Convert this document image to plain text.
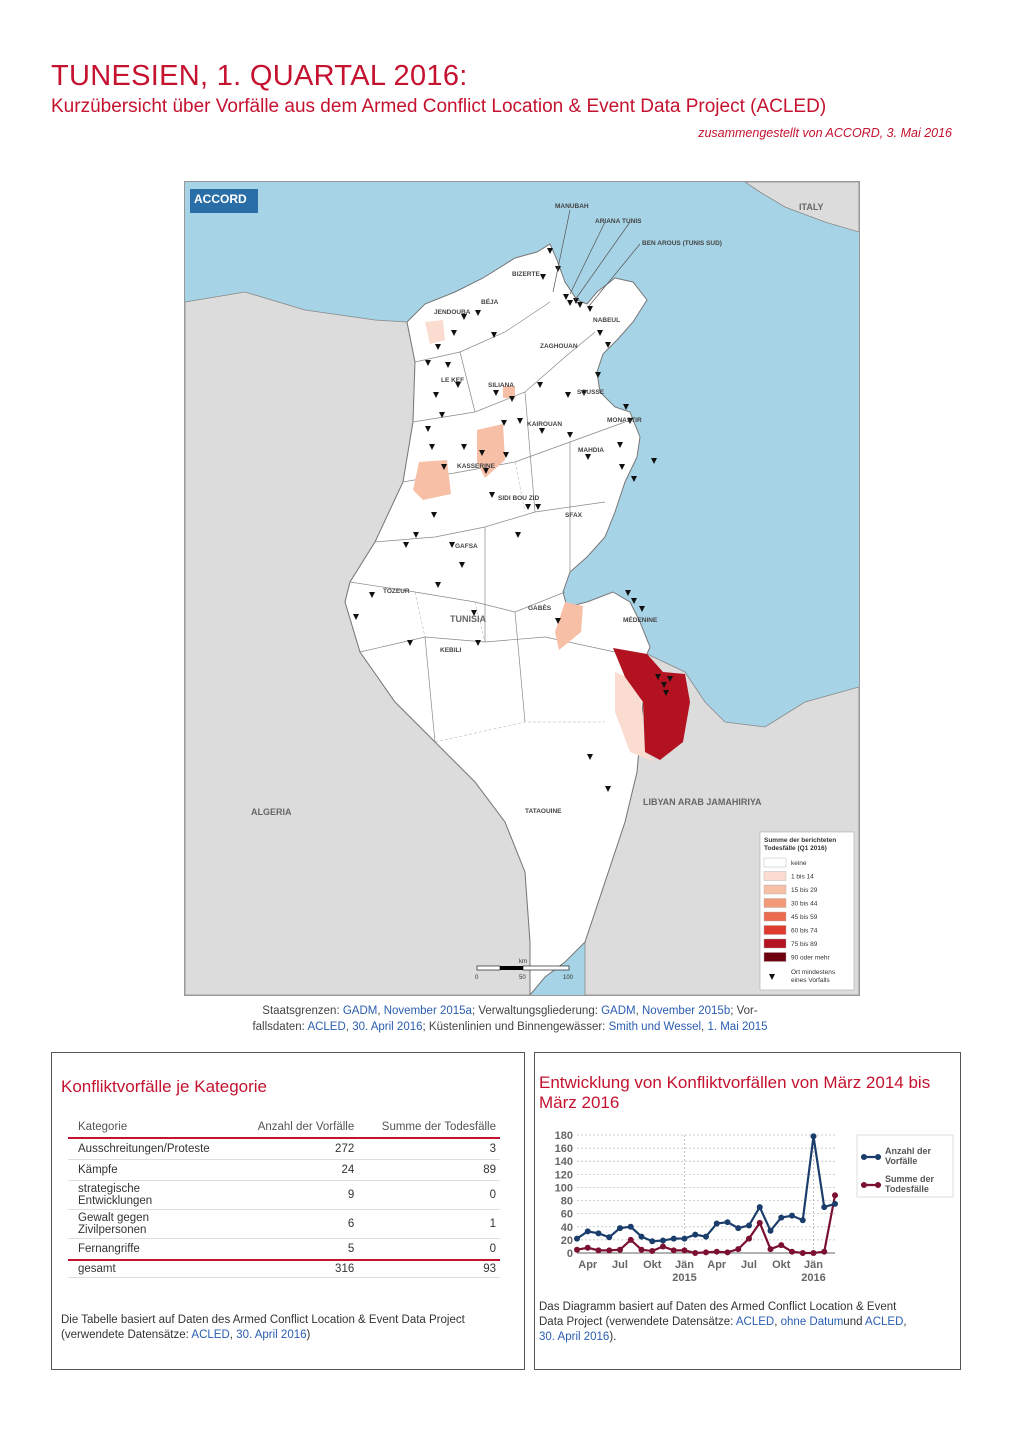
TUNESIEN, 1. QUARTAL 2016:
Kurzübersicht über Vorfälle aus dem Armed Conflict Location & Event Data Project (ACLED)
zusammengestellt von ACCORD, 3. Mai 2016
ACCORD
ITALY
TUNISIA
ALGERIA
LIBYAN ARAB JAMAHIRIYA
MANUBAH
ARIANA TUNIS
BEN AROUS (TUNIS SUD)
BIZERTE
BÉJA
JENDOUBA
NABEUL
ZAGHOUAN
LE KEF
SILIANA
SOUSSE
KAIROUAN
MONASTIR
MAHDIA
KASSERINE
SIDI BOU ZID
SFAX
GAFSA
TOZEUR
GABÈS
MÉDENINE
KEBILI
TATAOUINE
Summe der berichteten
Todesfälle (Q1 2016)
keine
1 bis 14
15 bis 29
30 bis 44
45 bis 59
60 bis 74
75 bis 89
90 oder mehr
Ort mindestens
eines Vorfalls
km
0	50	100
Staatsgrenzen: GADM, November 2015a; Verwaltungsgliederung: GADM, November 2015b; Vor-
fallsdaten: ACLED, 30. April 2016; Küstenlinien und Binnengewässer: Smith und Wessel, 1. Mai 2015
Konfliktvorfälle je Kategorie
Kategorie	Anzahl der Vorfälle	Summe der Todesfälle
Ausschreitungen/Proteste	272	3
Kämpfe	24	89
strategische
Entwicklungen	9	0
Gewalt gegen
Zivilpersonen	6	1
Fernangriffe	5	0
gesamt	316	93
Die Tabelle basiert auf Daten des Armed Conflict Location & Event Data Project
(verwendete Datensätze: ACLED, 30. April 2016)
Entwicklung von Konfliktvorfällen von März 2014 bis März 2016
0
20
40
60
80
100
120
140
160
180
Apr Jul Okt Jän
2015
Apr Jul Okt Jän
2016
Anzahl der
Vorfälle
Summe der
Todesfälle
Das Diagramm basiert auf Daten des Armed Conflict Location & Event
Data Project (verwendete Datensätze: ACLED, ohne Datumund ACLED,
30. April 2016).
